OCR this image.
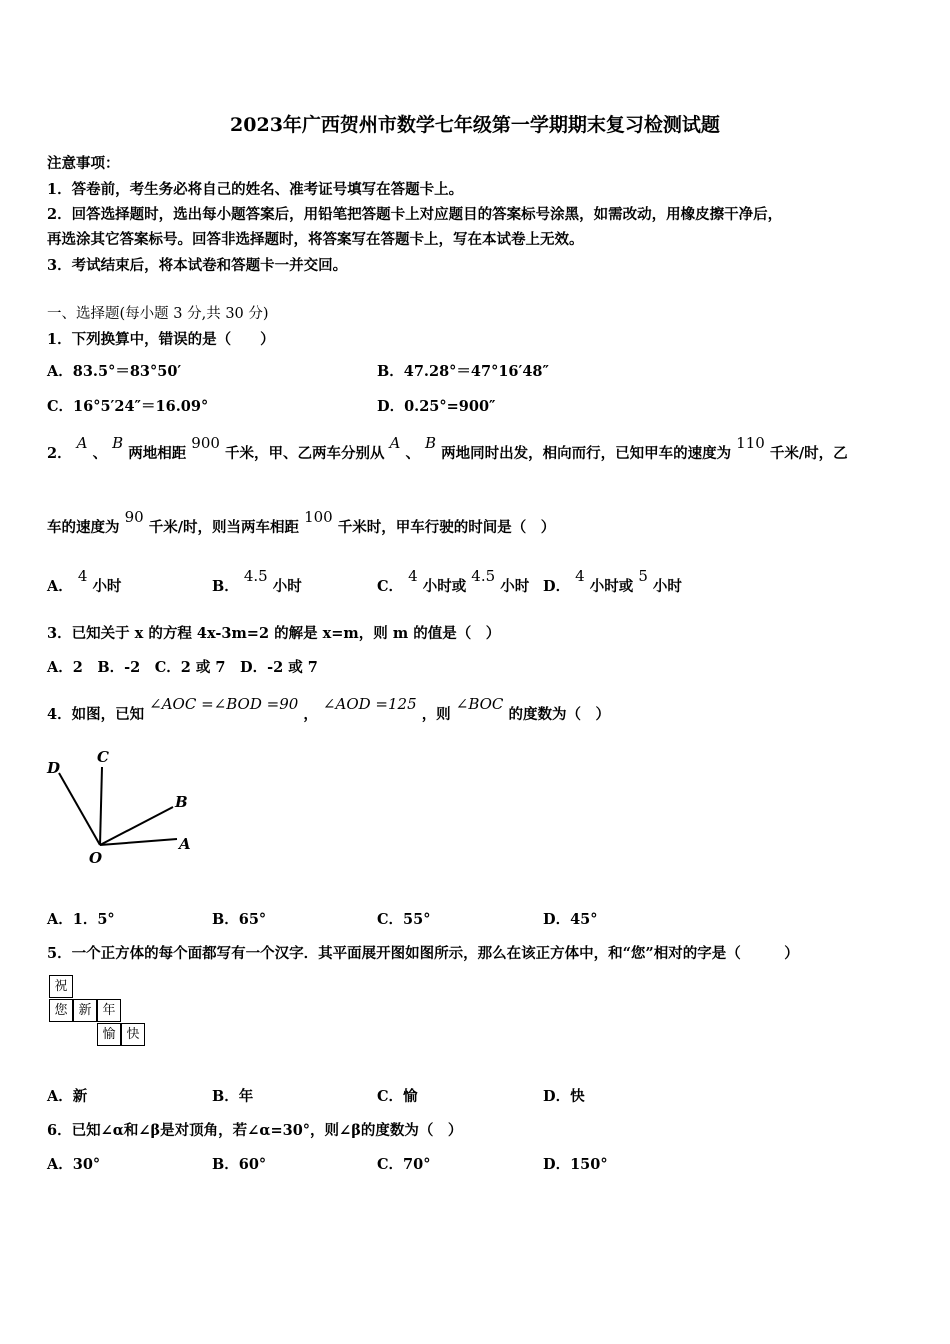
2023年广西贺州市数学七年级第一学期期末复习检测试题
注意事项：
1．答卷前，考生务必将自己的姓名、准考证号填写在答题卡上。
2．回答选择题时，选出每小题答案后，用铅笔把答题卡上对应题目的答案标号涂黑，如需改动，用橡皮擦干净后，
再选涂其它答案标号。回答非选择题时，将答案写在答题卡上，写在本试卷上无效。
3．考试结束后，将本试卷和答题卡一并交回。
一、选择题(每小题 3 分,共 30 分)
1．下列换算中，错误的是（　　）
A．83.5°＝83°50′	B．47.28°＝47°16′48″
C．16°5′24″＝16.09°	D．0.25°=900″
2． A 、 B 两地相距 900 千米，甲、乙两车分别从 A 、 B 两地同时出发，相向而行，已知甲车的速度为 110 千米/时，乙
车的速度为 90 千米/时，则当两车相距 100 千米时，甲车行驶的时间是（　）
A． 4 小时	B． 4.5 小时	C． 4 小时或 4.5 小时 D． 4 小时或 5 小时
3．已知关于 x 的方程 4x-3m=2 的解是 x=m，则 m 的值是（　）
A．2　B．-2　C．2 或 7　D．-2 或 7
4．如图，已知 ∠AOC =∠BOD =90 ， ∠AOD =125 ，则 ∠BOC 的度数为（　）
D
C
B
O
A
A．1．5°	B．65°	C．55°	D．45°
5．一个正方体的每个面都写有一个汉字．其平面展开图如图所示，那么在该正方体中，和“您”相对的字是（　　　）
祝
您 新 年
愉 快
A．新	B．年	C．愉	D．快
6．已知∠α和∠β是对顶角，若∠α=30°，则∠β的度数为（　）
A．30°	B．60°	C．70°	D．150°
